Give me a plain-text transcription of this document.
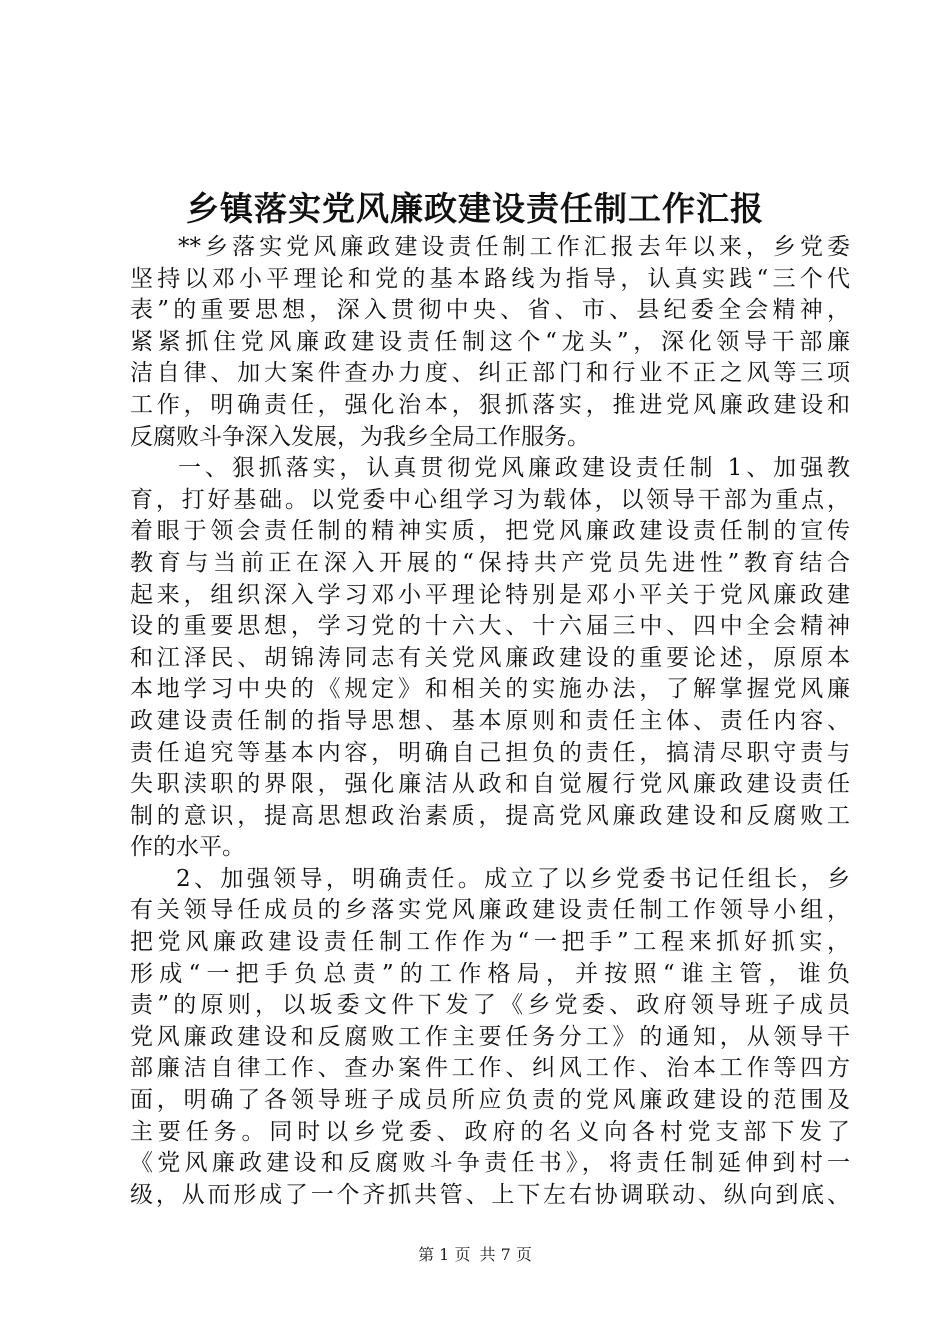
乡镇落实党风廉政建设责任制工作汇报
**乡落实党风廉政建设责任制工作汇报去年以来，乡党委
坚持以邓小平理论和党的基本路线为指导，认真实践“三个代
表”的重要思想，深入贯彻中央、省、市、县纪委全会精神，
紧紧抓住党风廉政建设责任制这个“龙头”，深化领导干部廉
洁自律、加大案件查办力度、纠正部门和行业不正之风等三项
工作，明确责任，强化治本，狠抓落实，推进党风廉政建设和
反腐败斗争深入发展，为我乡全局工作服务。
一、狠抓落实，认真贯彻党风廉政建设责任制 1、加强教
育，打好基础。以党委中心组学习为载体，以领导干部为重点，
着眼于领会责任制的精神实质，把党风廉政建设责任制的宣传
教育与当前正在深入开展的“保持共产党员先进性”教育结合
起来，组织深入学习邓小平理论特别是邓小平关于党风廉政建
设的重要思想，学习党的十六大、十六届三中、四中全会精神
和江泽民、胡锦涛同志有关党风廉政建设的重要论述，原原本
本地学习中央的《规定》和相关的实施办法，了解掌握党风廉
政建设责任制的指导思想、基本原则和责任主体、责任内容、
责任追究等基本内容，明确自己担负的责任，搞清尽职守责与
失职渎职的界限，强化廉洁从政和自觉履行党风廉政建设责任
制的意识，提高思想政治素质，提高党风廉政建设和反腐败工
作的水平。
2、加强领导，明确责任。成立了以乡党委书记任组长，乡
有关领导任成员的乡落实党风廉政建设责任制工作领导小组，
把党风廉政建设责任制工作作为“一把手”工程来抓好抓实，
形成“一把手负总责”的工作格局，并按照“谁主管，谁负
责”的原则，以坂委文件下发了《乡党委、政府领导班子成员
党风廉政建设和反腐败工作主要任务分工》的通知，从领导干
部廉洁自律工作、查办案件工作、纠风工作、治本工作等四方
面，明确了各领导班子成员所应负责的党风廉政建设的范围及
主要任务。同时以乡党委、政府的名义向各村党支部下发了
《党风廉政建设和反腐败斗争责任书》，将责任制延伸到村一
级，从而形成了一个齐抓共管、上下左右协调联动、纵向到底、
第 1 页 共 7 页
